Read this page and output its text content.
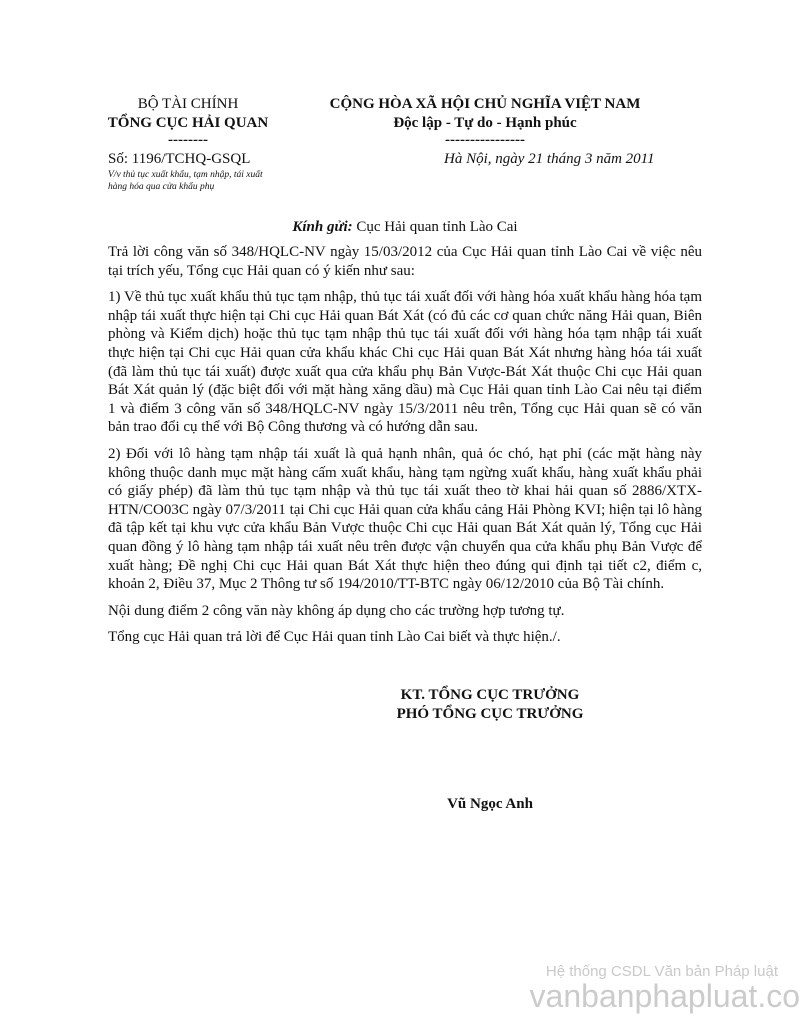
BỘ TÀI CHÍNH
TỔNG CỤC HẢI QUAN
--------
Số: 1196/TCHQ-GSQL
V/v thủ tục xuất khẩu, tạm nhập, tái xuất
hàng hóa qua cửa khẩu phụ
CỘNG HÒA XÃ HỘI CHỦ NGHĨA VIỆT NAM
Độc lập - Tự do - Hạnh phúc
----------------
Hà Nội, ngày 21 tháng 3 năm 2011
Kính gửi: Cục Hải quan tỉnh Lào Cai

Trả lời công văn số 348/HQLC-NV ngày 15/03/2012 của Cục Hải quan tỉnh Lào Cai về việc nêu tại trích yếu, Tổng cục Hải quan có ý kiến như sau:

1) Về thủ tục xuất khẩu thủ tục tạm nhập, thủ tục tái xuất đối với hàng hóa xuất khẩu hàng hóa tạm nhập tái xuất thực hiện tại Chi cục Hải quan Bát Xát (có đủ các cơ quan chức năng Hải quan, Biên phòng và Kiểm dịch) hoặc thủ tục tạm nhập thủ tục tái xuất đối với hàng hóa tạm nhập tái xuất thực hiện tại Chi cục Hải quan cửa khẩu khác Chi cục Hải quan Bát Xát nhưng hàng hóa tái xuất (đã làm thủ tục tái xuất) được xuất qua cửa khẩu phụ Bản Vược-Bát Xát thuộc Chi cục Hải quan Bát Xát quản lý (đặc biệt đối với mặt hàng xăng dầu) mà Cục Hải quan tỉnh Lào Cai nêu tại điểm 1 và điểm 3 công văn số 348/HQLC-NV ngày 15/3/2011 nêu trên, Tổng cục Hải quan sẽ có văn bản trao đổi cụ thể với Bộ Công thương và có hướng dẫn sau.

2) Đối với lô hàng tạm nhập tái xuất là quả hạnh nhân, quả óc chó, hạt phỉ (các mặt hàng này không thuộc danh mục mặt hàng cấm xuất khẩu, hàng tạm ngừng xuất khẩu, hàng xuất khẩu phải có giấy phép) đã làm thủ tục tạm nhập và thủ tục tái xuất theo tờ khai hải quan số 2886/XTX-HTN/CO03C ngày 07/3/2011 tại Chi cục Hải quan cửa khẩu cảng Hải Phòng KVI; hiện tại lô hàng đã tập kết tại khu vực cửa khẩu Bản Vược thuộc Chi cục Hải quan Bát Xát quản lý, Tổng cục Hải quan đồng ý lô hàng tạm nhập tái xuất nêu trên được vận chuyển qua cửa khẩu phụ Bản Vược để xuất hàng; Đề nghị Chi cục Hải quan Bát Xát thực hiện theo đúng qui định tại tiết c2, điểm c, khoản 2, Điều 37, Mục 2 Thông tư số 194/2010/TT-BTC ngày 06/12/2010 của Bộ Tài chính.

Nội dung điểm 2 công văn này không áp dụng cho các trường hợp tương tự.

Tổng cục Hải quan trả lời để Cục Hải quan tỉnh Lào Cai biết và thực hiện./.

KT. TỔNG CỤC TRƯỞNG
PHÓ TỔNG CỤC TRƯỞNG
Vũ Ngọc Anh
Hệ thống CSDL Văn bản Pháp luật
vanbanphapluat.co
